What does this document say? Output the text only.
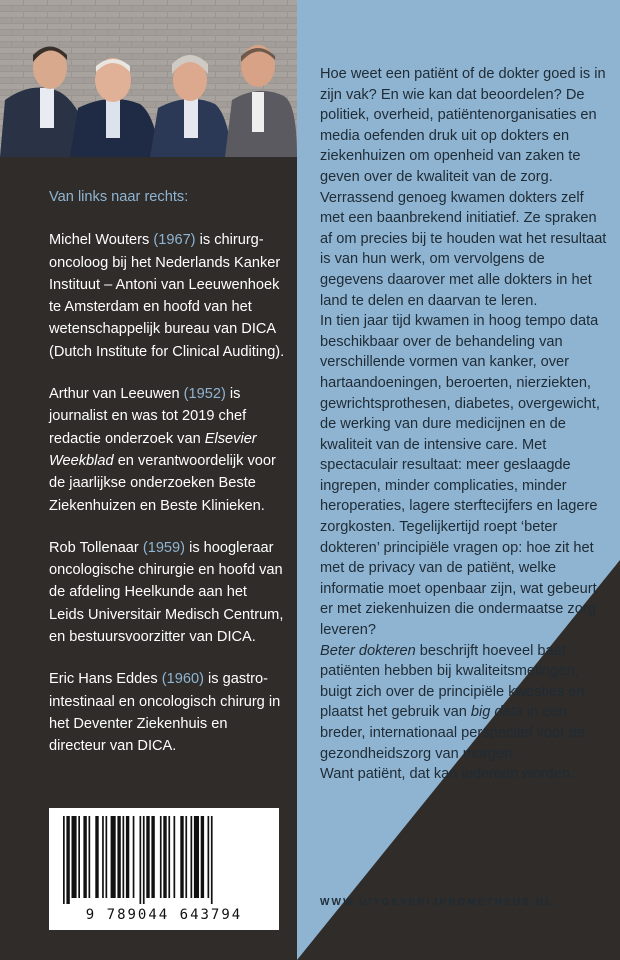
Van links naar rechts:

Michel Wouters (1967) is chirurg-oncoloog bij het Nederlands Kanker Instituut – Antoni van Leeuwenhoek te Amsterdam en hoofd van het wetenschappelijk bureau van DICA (Dutch Institute for Clinical Auditing).

Arthur van Leeuwen (1952) is journalist en was tot 2019 chef redactie onderzoek van Elsevier Weekblad en verantwoordelijk voor de jaarlijkse onderzoeken Beste Ziekenhuizen en Beste Klinieken.

Rob Tollenaar (1959) is hoogleraar oncologische chirurgie en hoofd van de afdeling Heelkunde aan het Leids Universitair Medisch Centrum, en bestuursvoorzitter van DICA.

Eric Hans Eddes (1960) is gastro-intestinaal en oncologisch chirurg in het Deventer Ziekenhuis en directeur van DICA.

9 789044 643794

Hoe weet een patiënt of de dokter goed is in zijn vak? En wie kan dat beoordelen? De politiek, overheid, patiëntenorganisaties en media oefenden druk uit op dokters en ziekenhuizen om openheid van zaken te geven over de kwaliteit van de zorg. Verrassend genoeg kwamen dokters zelf met een baanbrekend initiatief. Ze spraken af om precies bij te houden wat het resultaat is van hun werk, om vervolgens de gegevens daarover met alle dokters in het land te delen en daarvan te leren.

In tien jaar tijd kwamen in hoog tempo data beschikbaar over de behandeling van verschillende vormen van kanker, over hartaandoeningen, beroerten, nierziekten, gewrichtsprothesen, diabetes, overgewicht, de werking van dure medicijnen en de kwaliteit van de intensive care. Met spectaculair resultaat: meer geslaagde ingrepen, minder complicaties, minder heroperaties, lagere sterftecijfers en lagere zorgkosten. Tegelijkertijd roept ‘beter dokteren’ principiële vragen op: hoe zit het met de privacy van de patiënt, welke informatie moet openbaar zijn, wat gebeurt er met ziekenhuizen die ondermaatse zorg leveren?

Beter dokteren beschrijft hoeveel baat patiënten hebben bij kwaliteitsmetingen, buigt zich over de principiële kwesties en plaatst het gebruik van big data in een breder, internationaal perspectief voor de gezondheidszorg van morgen.

Want patiënt, dat kan iedereen worden.

WWW.UITGEVERIJPROMETHEUS.NL
